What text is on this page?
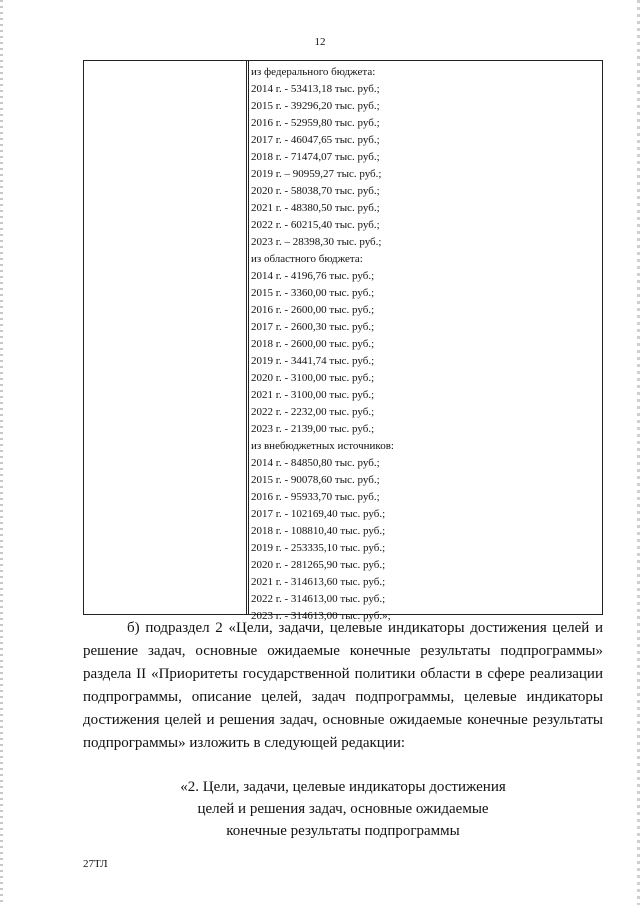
12
из федерального бюджета:
2014 г. - 53413,18 тыс. руб.;
2015 г. - 39296,20 тыс. руб.;
2016 г. - 52959,80 тыс. руб.;
2017 г. - 46047,65 тыс. руб.;
2018 г. - 71474,07 тыс. руб.;
2019 г. – 90959,27 тыс. руб.;
2020 г. - 58038,70 тыс. руб.;
2021 г. - 48380,50 тыс. руб.;
2022 г. - 60215,40 тыс. руб.;
2023 г. – 28398,30 тыс. руб.;
из областного бюджета:
2014 г. - 4196,76 тыс. руб.;
2015 г. - 3360,00 тыс. руб.;
2016 г. - 2600,00 тыс. руб.;
2017 г. - 2600,30 тыс. руб.;
2018 г. - 2600,00 тыс. руб.;
2019 г. - 3441,74 тыс. руб.;
2020 г. - 3100,00 тыс. руб.;
2021 г. - 3100,00 тыс. руб.;
2022 г. - 2232,00 тыс. руб.;
2023 г. - 2139,00 тыс. руб.;
из внебюджетных источников:
2014 г. - 84850,80 тыс. руб.;
2015 г. - 90078,60 тыс. руб.;
2016 г. - 95933,70 тыс. руб.;
2017 г. - 102169,40 тыс. руб.;
2018 г. - 108810,40 тыс. руб.;
2019 г. - 253335,10 тыс. руб.;
2020 г. - 281265,90 тыс. руб.;
2021 г. - 314613,60 тыс. руб.;
2022 г. - 314613,00 тыс. руб.;
2023 г. - 314613,00 тыс. руб.»;

б) подраздел 2 «Цели, задачи, целевые индикаторы достижения целей и решение задач, основные ожидаемые конечные результаты подпрограммы» раздела II «Приоритеты государственной политики области в сфере реализации подпрограммы, описание целей, задач подпрограммы, целевые индикаторы достижения целей и решения задач, основные ожидаемые конечные результаты подпрограммы» изложить в следующей редакции:

«2. Цели, задачи, целевые индикаторы достижения
целей и решения задач, основные ожидаемые
конечные результаты подпрограммы
27ТЛ
